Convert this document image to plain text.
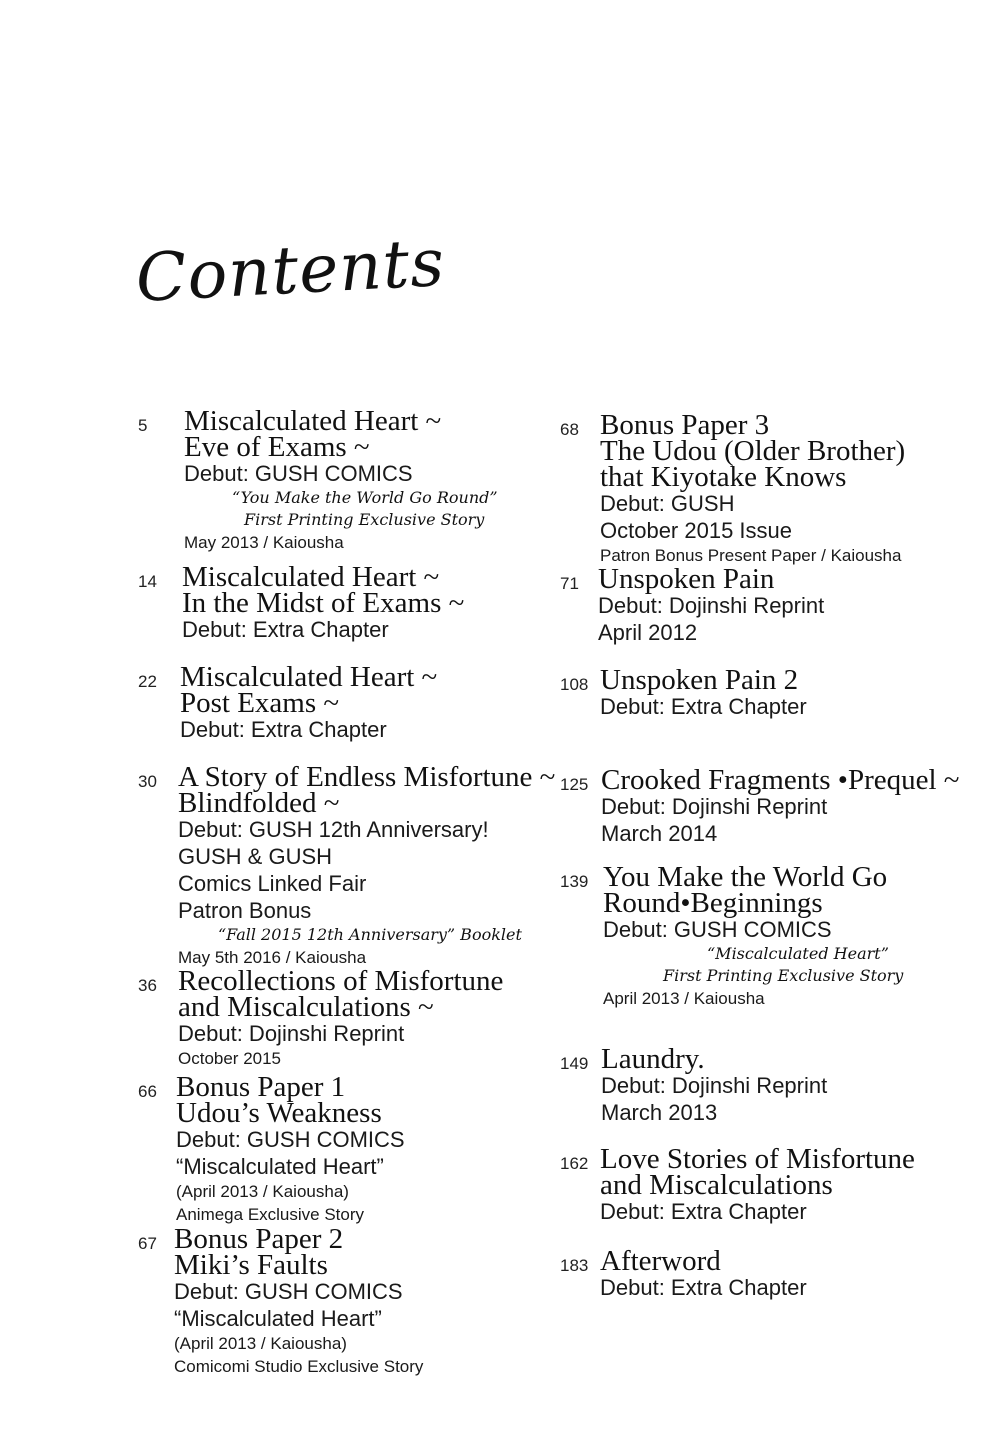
Contents
5 Miscalculated Heart ~
Eve of Exams ~
Debut: GUSH COMICS
“You Make the World Go Round”
First Printing Exclusive Story
May 2013 / Kaiousha
14 Miscalculated Heart ~
In the Midst of Exams ~
Debut: Extra Chapter
22 Miscalculated Heart ~
Post Exams ~
Debut: Extra Chapter
30 A Story of Endless Misfortune ~
Blindfolded ~
Debut: GUSH 12th Anniversary!
GUSH & GUSH
Comics Linked Fair
Patron Bonus
“Fall 2015 12th Anniversary” Booklet
May 5th 2016 / Kaiousha
36 Recollections of Misfortune
and Miscalculations ~
Debut: Dojinshi Reprint
October 2015
66 Bonus Paper 1
Udou’s Weakness
Debut: GUSH COMICS
“Miscalculated Heart”
(April 2013 / Kaiousha)
Animega Exclusive Story
67 Bonus Paper 2
Miki’s Faults
Debut: GUSH COMICS
“Miscalculated Heart”
(April 2013 / Kaiousha)
Comicomi Studio Exclusive Story
68 Bonus Paper 3
The Udou (Older Brother)
that Kiyotake Knows
Debut: GUSH
October 2015 Issue
Patron Bonus Present Paper / Kaiousha
71 Unspoken Pain
Debut: Dojinshi Reprint
April 2012
108 Unspoken Pain 2
Debut: Extra Chapter
125 Crooked Fragments •Prequel ~
Debut: Dojinshi Reprint
March 2014
139 You Make the World Go
Round•Beginnings
Debut: GUSH COMICS
“Miscalculated Heart”
First Printing Exclusive Story
April 2013 / Kaiousha
149 Laundry.
Debut: Dojinshi Reprint
March 2013
162 Love Stories of Misfortune
and Miscalculations
Debut: Extra Chapter
183 Afterword
Debut: Extra Chapter
